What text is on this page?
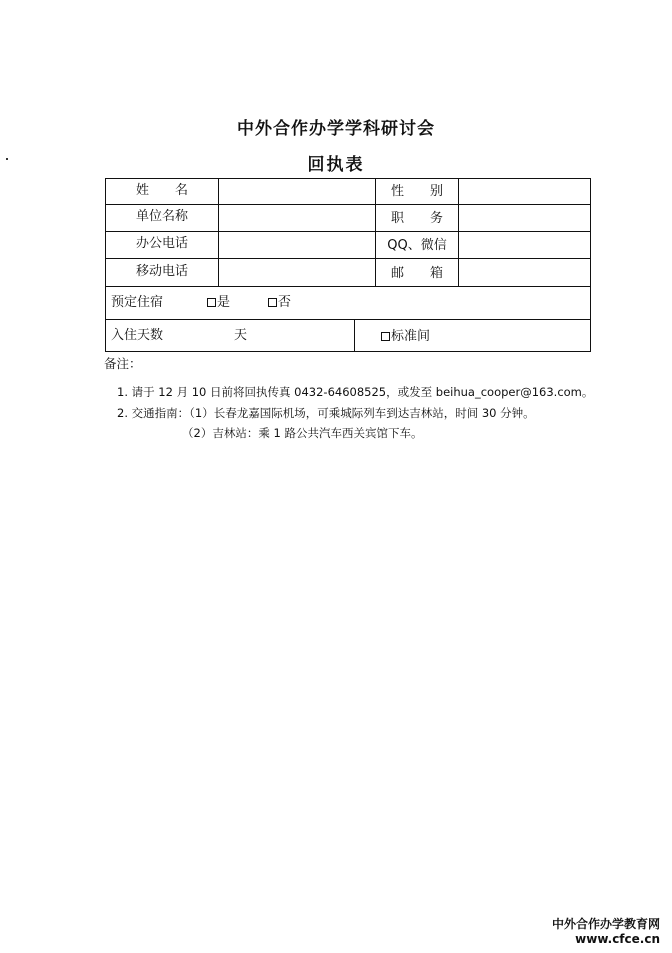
中外合作办学学科研讨会
回执表
姓　　名	性　　别
单位名称	职　　务
办公电话	QQ、微信
移动电话	邮　　箱
预定住宿	是	否
入住天数	天	标准间
备注：
1. 请于 12 月 10 日前将回执传真 0432-64608525，或发至 beihua_cooper@163.com。
2. 交通指南：（1）长春龙嘉国际机场，可乘城际列车到达吉林站，时间 30 分钟。
（2）吉林站：乘 1 路公共汽车西关宾馆下车。
中外合作办学教育网
www.cfce.cn
